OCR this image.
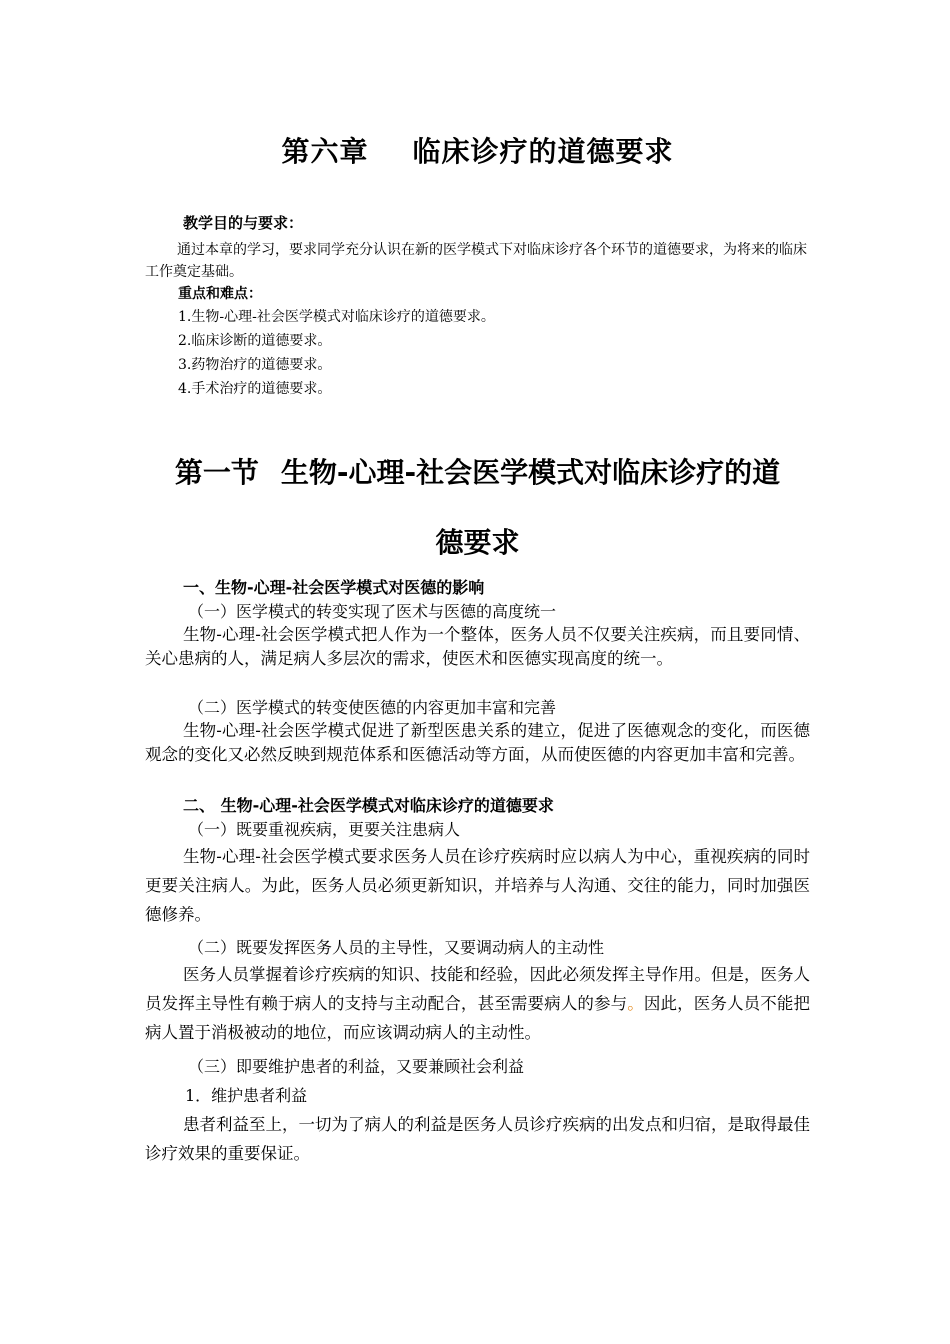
第六章 临床诊疗的道德要求

教学目的与要求：

通过本章的学习，要求同学充分认识在新的医学模式下对临床诊疗各个环节的道德要求，为将来的临床工作奠定基础。

重点和难点：

1.生物-心理-社会医学模式对临床诊疗的道德要求。

2.临床诊断的道德要求。

3.药物治疗的道德要求。

4.手术治疗的道德要求。

第一节 生物-心理-社会医学模式对临床诊疗的道
德要求

一、生物-心理-社会医学模式对医德的影响

（一）医学模式的转变实现了医术与医德的高度统一

生物-心理-社会医学模式把人作为一个整体，医务人员不仅要关注疾病，而且要同情、关心患病的人，满足病人多层次的需求，使医术和医德实现高度的统一。

（二）医学模式的转变使医德的内容更加丰富和完善

生物-心理-社会医学模式促进了新型医患关系的建立，促进了医德观念的变化，而医德观念的变化又必然反映到规范体系和医德活动等方面，从而使医德的内容更加丰富和完善。

二、 生物-心理-社会医学模式对临床诊疗的道德要求

（一）既要重视疾病，更要关注患病人

生物-心理-社会医学模式要求医务人员在诊疗疾病时应以病人为中心，重视疾病的同时更要关注病人。为此，医务人员必须更新知识，并培养与人沟通、交往的能力，同时加强医德修养。

（二）既要发挥医务人员的主导性，又要调动病人的主动性

医务人员掌握着诊疗疾病的知识、技能和经验，因此必须发挥主导作用。但是，医务人员发挥主导性有赖于病人的支持与主动配合，甚至需要病人的参与。因此，医务人员不能把病人置于消极被动的地位，而应该调动病人的主动性。

（三）即要维护患者的利益，又要兼顾社会利益

1．维护患者利益

患者利益至上，一切为了病人的利益是医务人员诊疗疾病的出发点和归宿，是取得最佳诊疗效果的重要保证。
